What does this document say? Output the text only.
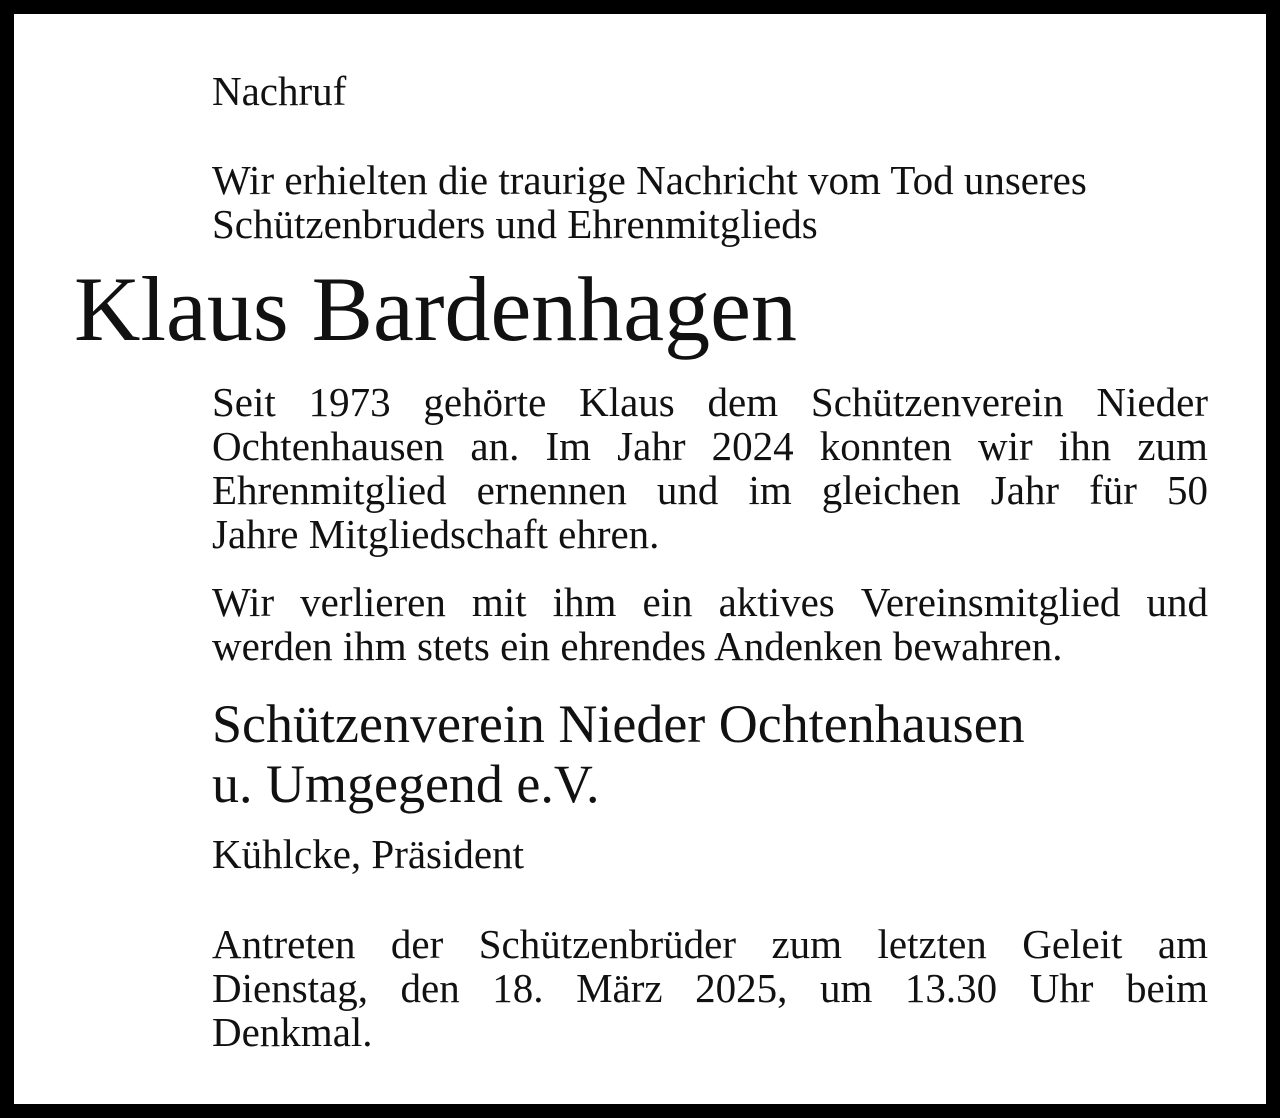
Nachruf
Wir erhielten die traurige Nachricht vom Tod unseres
Schützenbruders und Ehrenmitglieds
Klaus Bardenhagen
Seit 1973 gehörte Klaus dem Schützenverein Nieder
Ochtenhausen an. Im Jahr 2024 konnten wir ihn zum
Ehrenmitglied ernennen und im gleichen Jahr für 50
Jahre Mitgliedschaft ehren.
Wir verlieren mit ihm ein aktives Vereinsmitglied und
werden ihm stets ein ehrendes Andenken bewahren.
Schützenverein Nieder Ochtenhausen
u. Umgegend e.V.
Kühlcke, Präsident
Antreten der Schützenbrüder zum letzten Geleit am
Dienstag, den 18. März 2025, um 13.30 Uhr beim
Denkmal.
